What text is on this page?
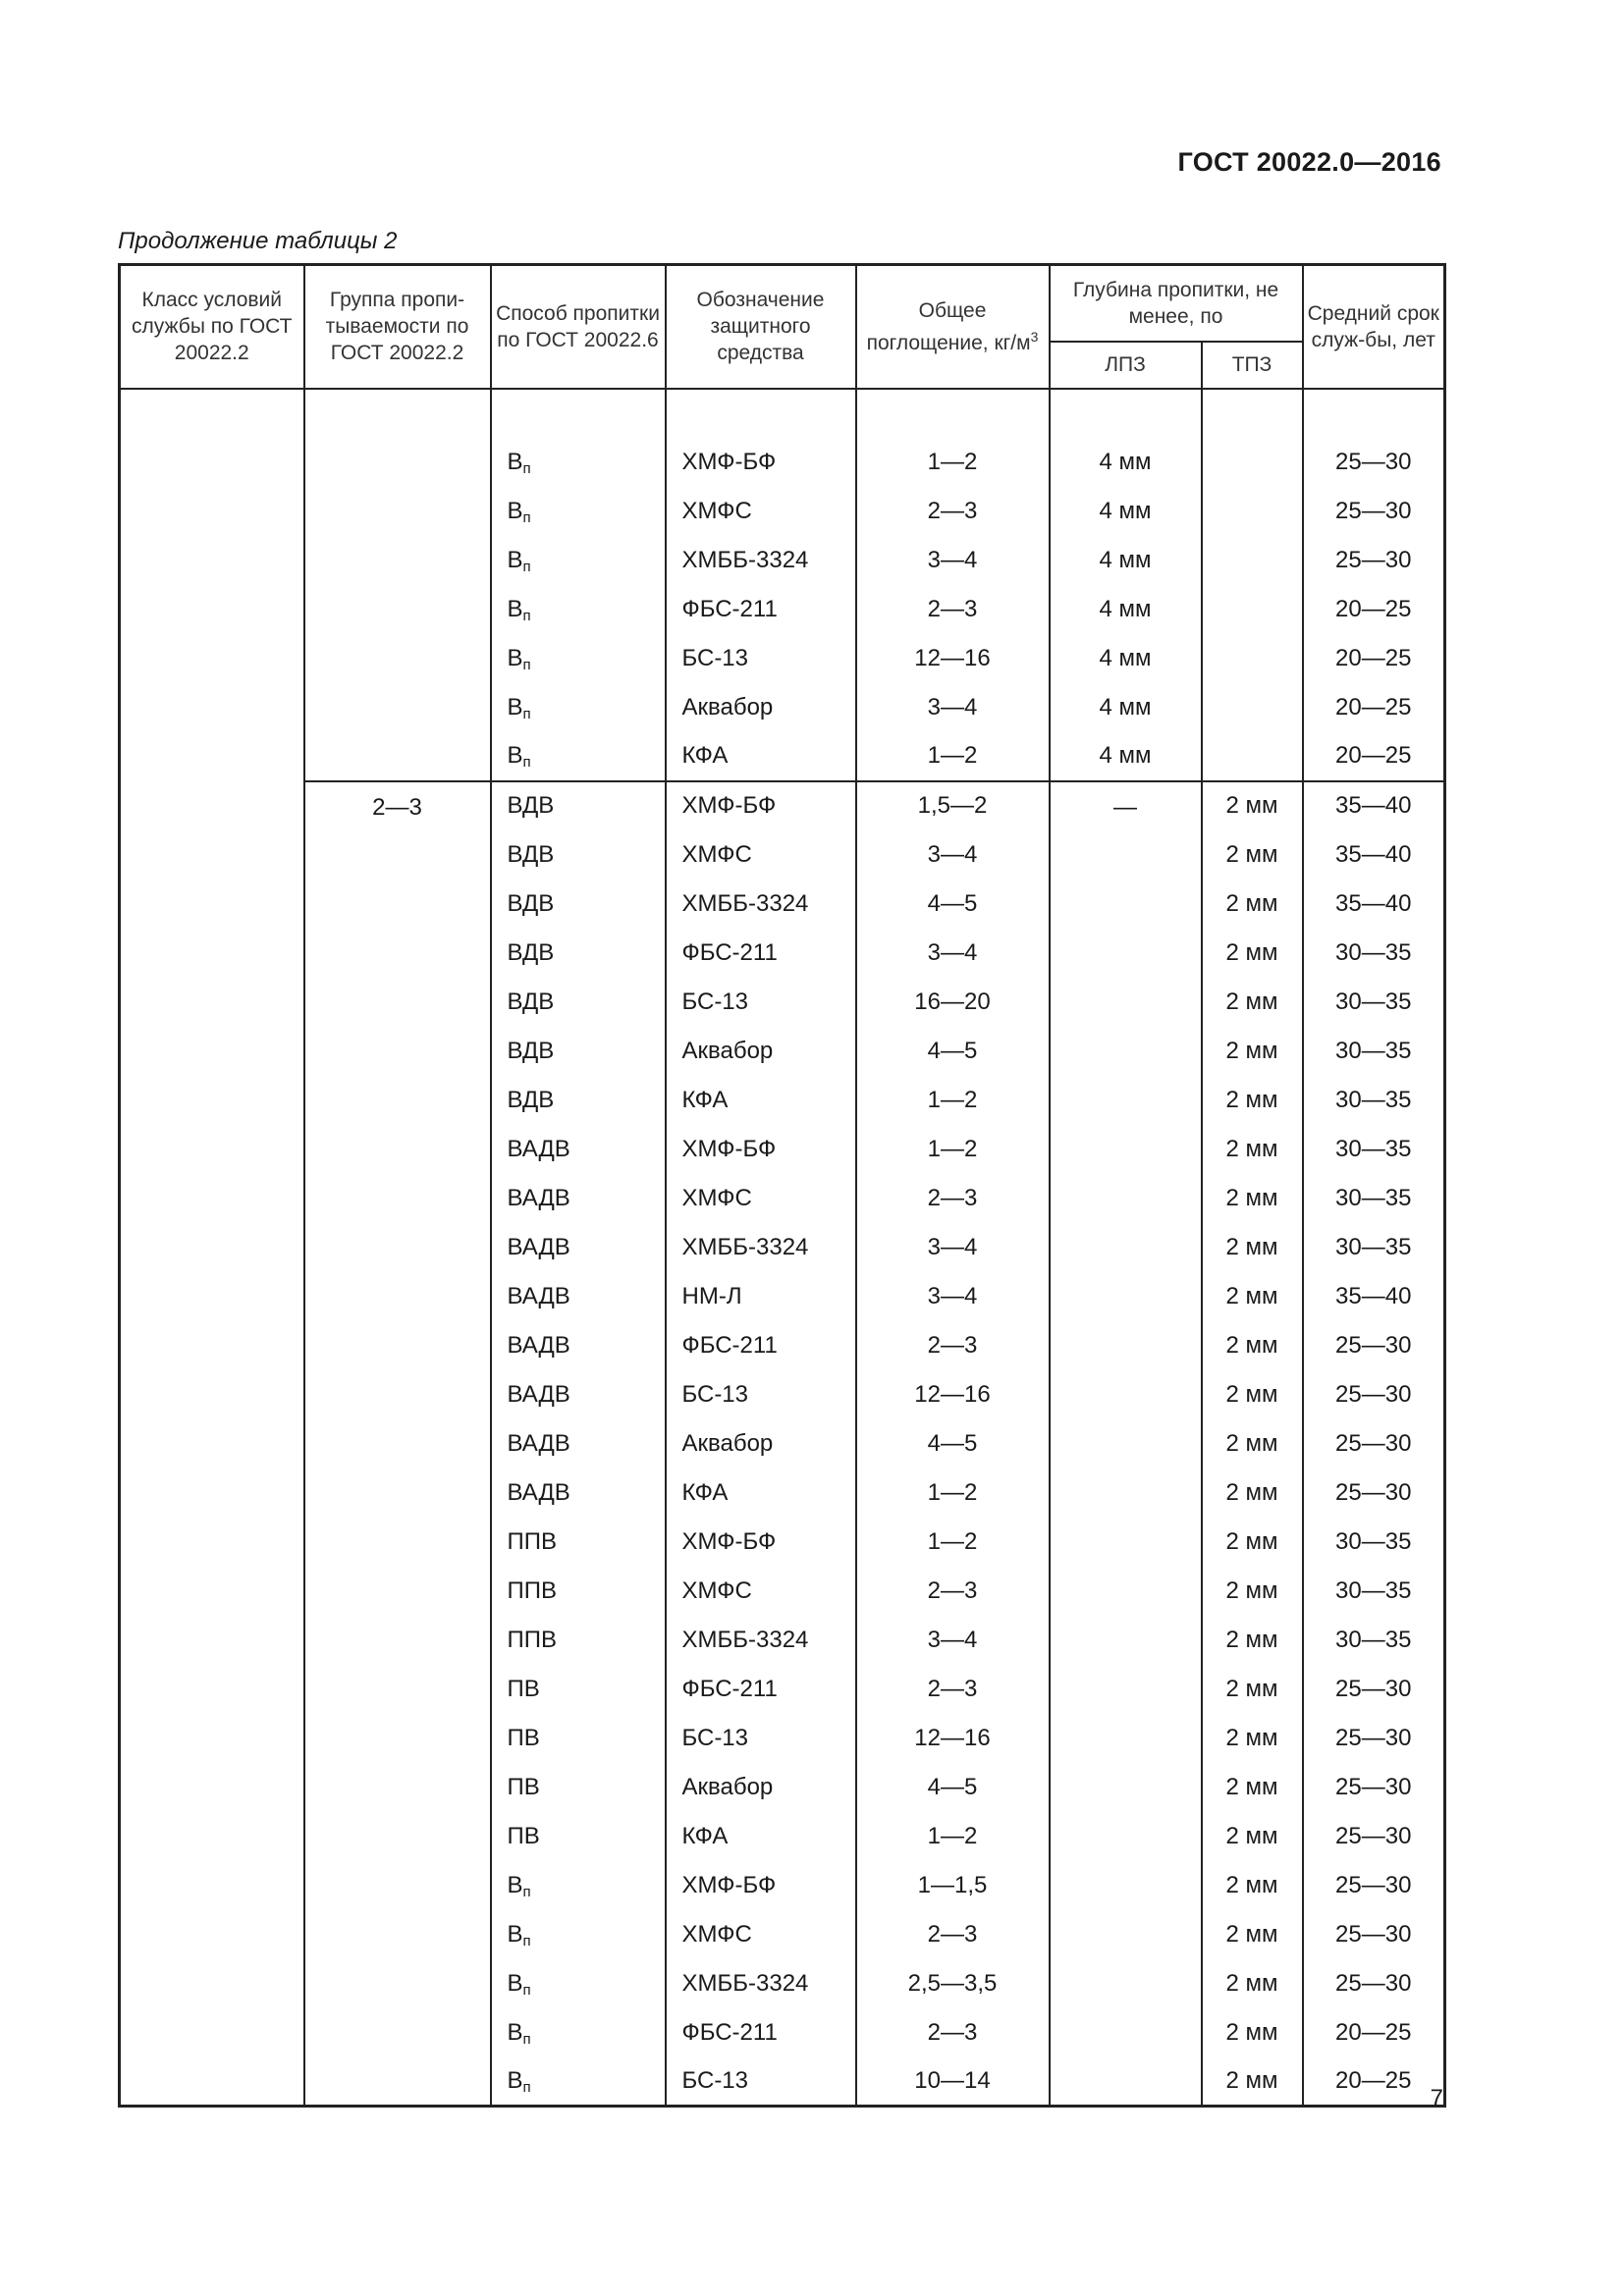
ГОСТ 20022.0—2016
Продолжение таблицы 2
Класс условий службы по ГОСТ 20022.2	Группа пропи-тываемости по ГОСТ 20022.2	Способ пропитки по ГОСТ 20022.6	Обозначение защитного средства	Общее поглощение, $кг/м^3$	Глубина пропитки, не менее, по		Средний срок служ-бы, лет
					ЛПЗ	ТПЗ	

		$В_п$	ХМФ-БФ	1—2	4 мм		25—30
		$В_п$	ХМФС	2—3	4 мм		25—30
		$В_п$	ХМББ-3324	3—4	4 мм		25—30
		$В_п$	ФБС-211	2—3	4 мм		20—25
		$В_п$	БС-13	12—16	4 мм		20—25
		$В_п$	Аквабор	3—4	4 мм		20—25
		$В_п$	КФА	1—2	4 мм		20—25
	2—3	ВДВ	ХМФ-БФ	1,5—2	—	2 мм	35—40
		ВДВ	ХМФС	3—4		2 мм	35—40
		ВДВ	ХМББ-3324	4—5		2 мм	35—40
		ВДВ	ФБС-211	3—4		2 мм	30—35
		ВДВ	БС-13	16—20		2 мм	30—35
		ВДВ	Аквабор	4—5		2 мм	30—35
		ВДВ	КФА	1—2		2 мм	30—35
		ВАДВ	ХМФ-БФ	1—2		2 мм	30—35
		ВАДВ	ХМФС	2—3		2 мм	30—35
		ВАДВ	ХМББ-3324	3—4		2 мм	30—35
		ВАДВ	НМ-Л	3—4		2 мм	35—40
		ВАДВ	ФБС-211	2—3		2 мм	25—30
		ВАДВ	БС-13	12—16		2 мм	25—30
		ВАДВ	Аквабор	4—5		2 мм	25—30
		ВАДВ	КФА	1—2		2 мм	25—30
		ППВ	ХМФ-БФ	1—2		2 мм	30—35
		ППВ	ХМФС	2—3		2 мм	30—35
		ППВ	ХМББ-3324	3—4		2 мм	30—35
		ПВ	ФБС-211	2—3		2 мм	25—30
		ПВ	БС-13	12—16		2 мм	25—30
		ПВ	Аквабор	4—5		2 мм	25—30
		ПВ	КФА	1—2		2 мм	25—30
		$В_п$	ХМФ-БФ	1—1,5		2 мм	25—30
		$В_п$	ХМФС	2—3		2 мм	25—30
		$В_п$	ХМББ-3324	2,5—3,5		2 мм	25—30
		$В_п$	ФБС-211	2—3		2 мм	20—25
		$В_п$	БС-13	10—14		2 мм	20—25
7
